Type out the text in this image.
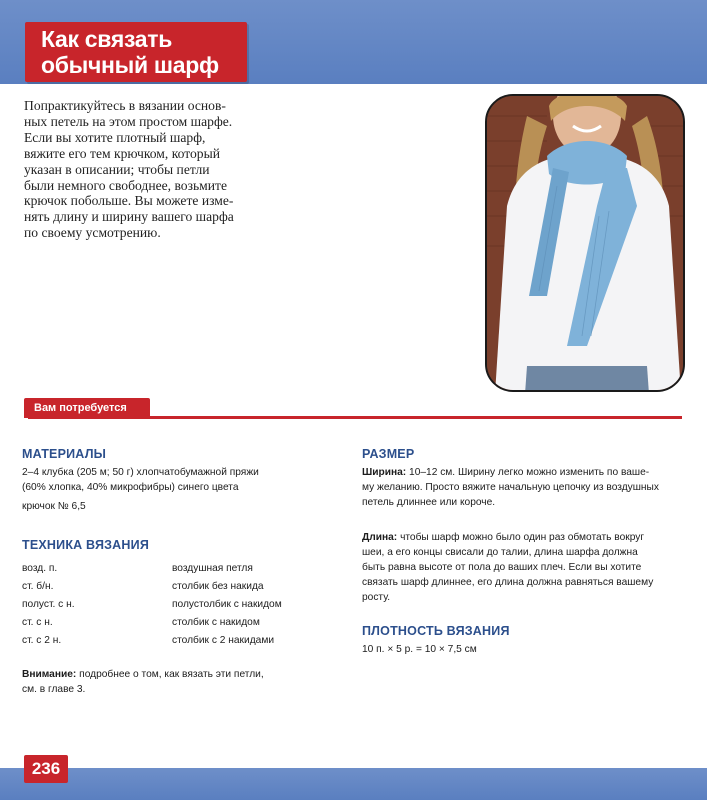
Как связать
обычный шарф
Попрактикуйтесь в вязании основ-
ных петель на этом простом шарфе.
Если вы хотите плотный шарф,
вяжите его тем крючком, который
указан в описании; чтобы петли
были немного свободнее, возьмите
крючок побольше. Вы можете изме-
нять длину и ширину вашего шарфа
по своему усмотрению.
Вам потребуется
МАТЕРИАЛЫ
2–4 клубка (205 м; 50 г) хлопчатобумажной пряжи
(60% хлопка, 40% микрофибры) синего цвета
крючок № 6,5
ТЕХНИКА ВЯЗАНИЯ
возд. п.	воздушная петля
ст. б/н.	столбик без накида
полуст. с н.	полустолбик с накидом
ст. с н.	столбик с накидом
ст. с 2 н.	столбик с 2 накидами
Внимание: подробнее о том, как вязать эти петли,
см. в главе 3.
РАЗМЕР
Ширина: 10–12 см. Ширину легко можно изменить по ваше-
му желанию. Просто вяжите начальную цепочку из воздушных
петель длиннее или короче.
Длина: чтобы шарф можно было один раз обмотать вокруг
шеи, а его концы свисали до талии, длина шарфа должна
быть равна высоте от пола до ваших плеч. Если вы хотите
связать шарф длиннее, его длина должна равняться вашему
росту.
ПЛОТНОСТЬ ВЯЗАНИЯ
10 п. × 5 р. = 10 × 7,5 см
236
